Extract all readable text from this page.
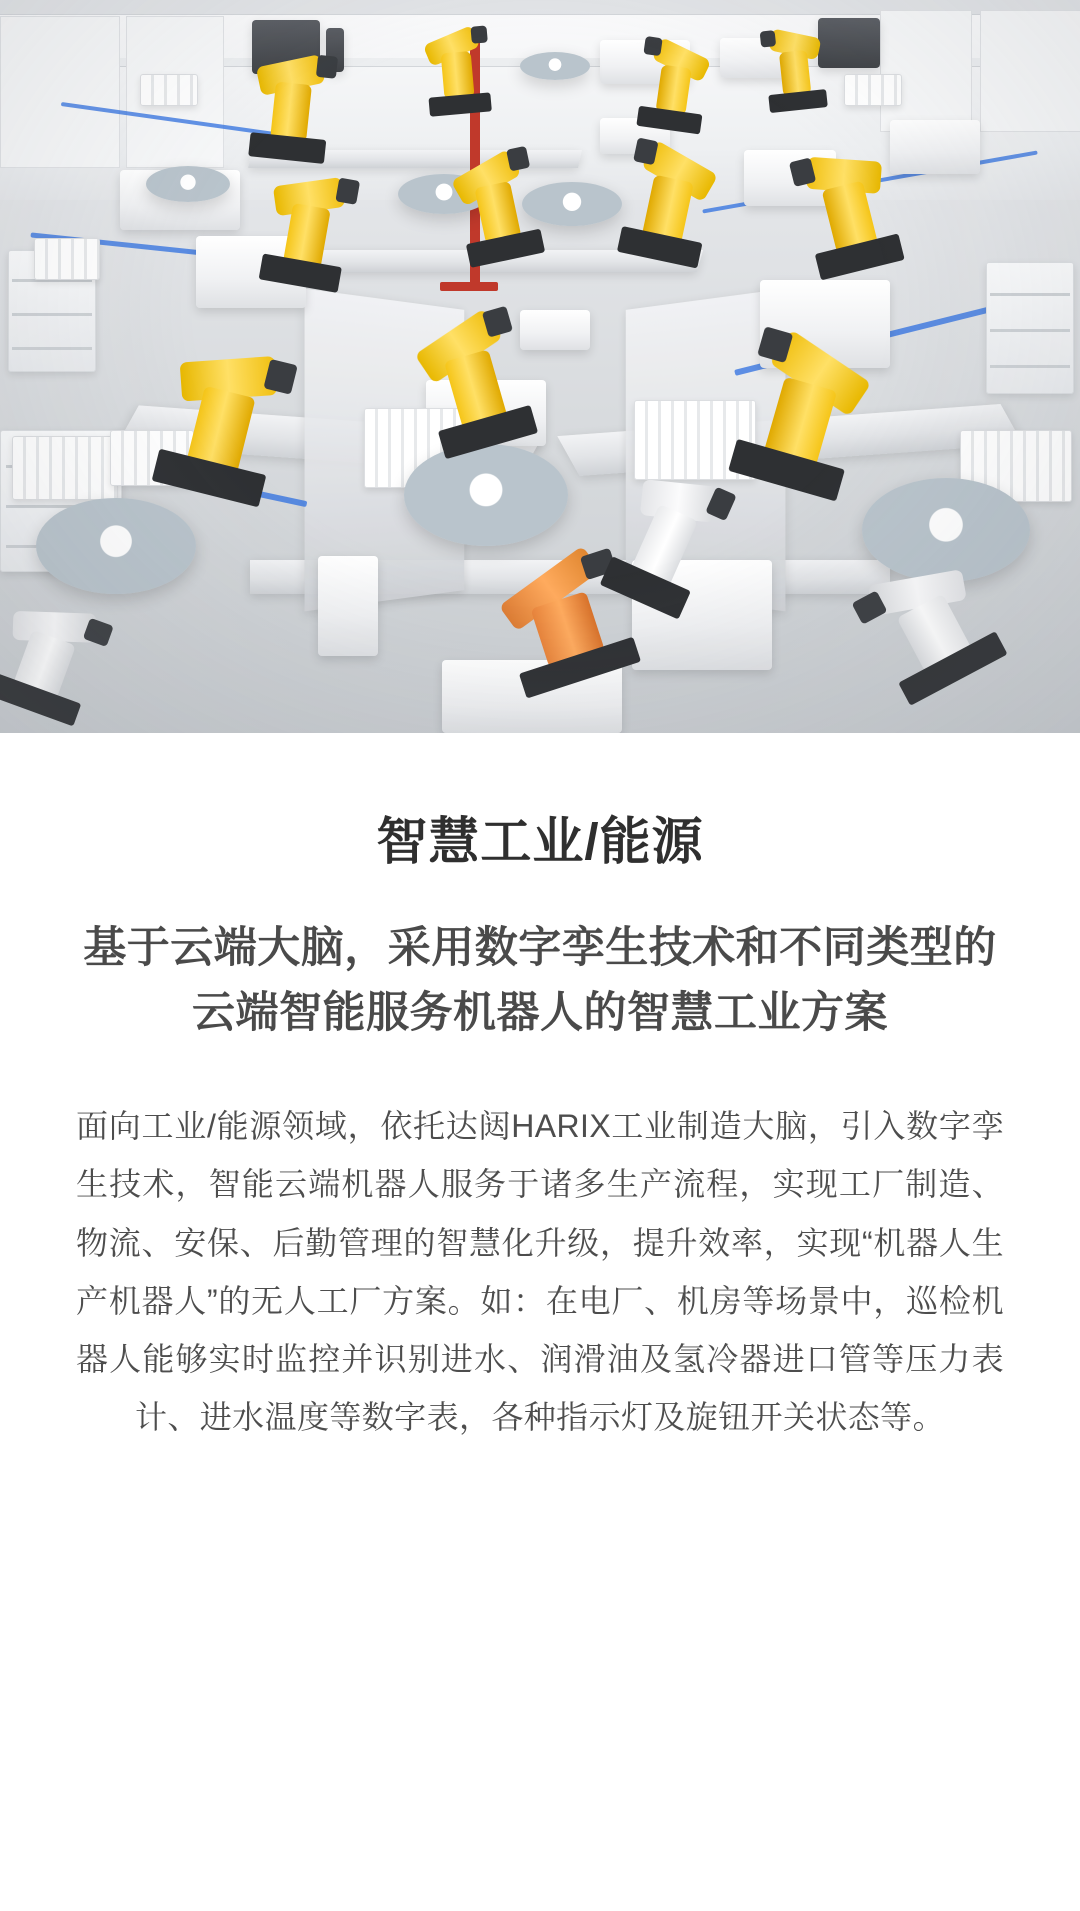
智慧工业/能源
基于云端大脑，采用数字孪生技术和不同类型的云端智能服务机器人的智慧工业方案

面向工业/能源领域，依托达闼HARIX工业制造大脑，引入数字孪生技术，智能云端机器人服务于诸多生产流程，实现工厂制造、物流、安保、后勤管理的智慧化升级，提升效率，实现“机器人生产机器人”的无人工厂方案。如：在电厂、机房等场景中，巡检机器人能够实时监控并识别进水、润滑油及氢冷器进口管等压力表计、进水温度等数字表，各种指示灯及旋钮开关状态等。
